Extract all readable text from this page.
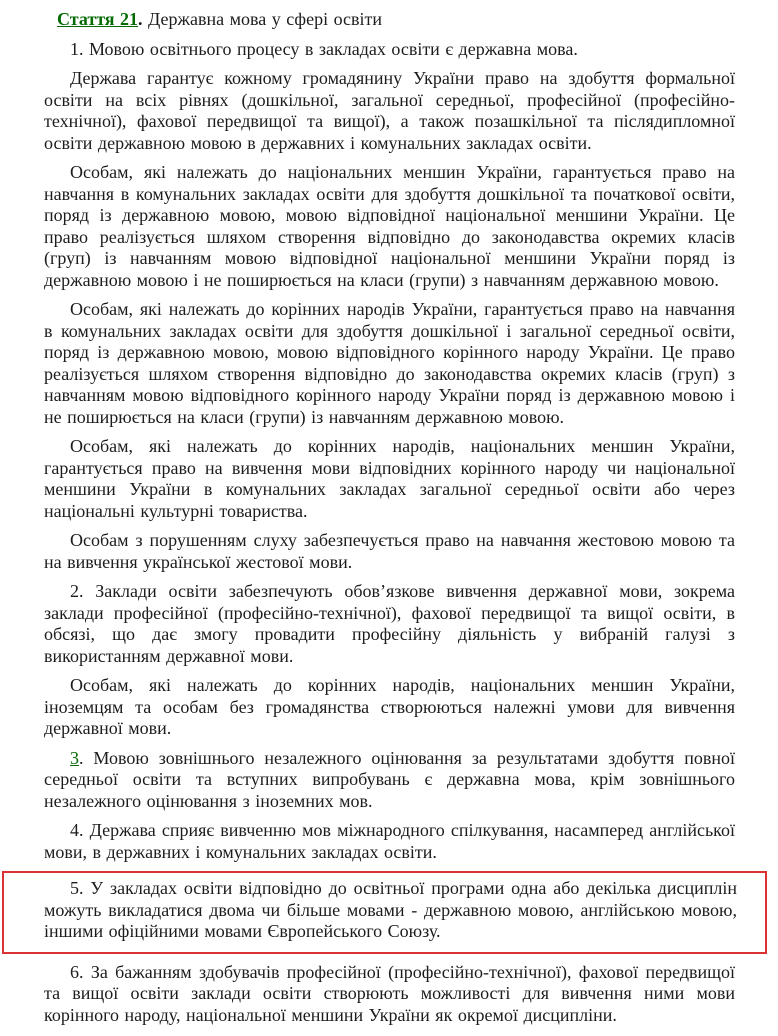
Стаття 21. Державна мова у сфері освіти

1. Мовою освітнього процесу в закладах освіти є державна мова.

Держава гарантує кожному громадянину України право на здобуття формальної освіти на всіх рівнях (дошкільної, загальної середньої, професійної (професійно-технічної), фахової передвищої та вищої), а також позашкільної та післядипломної освіти державною мовою в державних і комунальних закладах освіти.

Особам, які належать до національних меншин України, гарантується право на навчання в комунальних закладах освіти для здобуття дошкільної та початкової освіти, поряд із державною мовою, мовою відповідної національної меншини України. Це право реалізується шляхом створення відповідно до законодавства окремих класів (груп) із навчанням мовою відповідної національної меншини України поряд із державною мовою і не поширюється на класи (групи) з навчанням державною мовою.

Особам, які належать до корінних народів України, гарантується право на навчання в комунальних закладах освіти для здобуття дошкільної і загальної середньої освіти, поряд із державною мовою, мовою відповідного корінного народу України. Це право реалізується шляхом створення відповідно до законодавства окремих класів (груп) з навчанням мовою відповідного корінного народу України поряд із державною мовою і не поширюється на класи (групи) із навчанням державною мовою.

Особам, які належать до корінних народів, національних меншин України, гарантується право на вивчення мови відповідних корінного народу чи національної меншини України в комунальних закладах загальної середньої освіти або через національні культурні товариства.

Особам з порушенням слуху забезпечується право на навчання жестовою мовою та на вивчення української жестової мови.

2. Заклади освіти забезпечують обов’язкове вивчення державної мови, зокрема заклади професійної (професійно-технічної), фахової передвищої та вищої освіти, в обсязі, що дає змогу провадити професійну діяльність у вибраній галузі з використанням державної мови.

Особам, які належать до корінних народів, національних меншин України, іноземцям та особам без громадянства створюються належні умови для вивчення державної мови.

3. Мовою зовнішнього незалежного оцінювання за результатами здобуття повної середньої освіти та вступних випробувань є державна мова, крім зовнішнього незалежного оцінювання з іноземних мов.

4. Держава сприяє вивченню мов міжнародного спілкування, насамперед англійської мови, в державних і комунальних закладах освіти.

5. У закладах освіти відповідно до освітньої програми одна або декілька дисциплін можуть викладатися двома чи більше мовами - державною мовою, англійською мовою, іншими офіційними мовами Європейського Союзу.

6. За бажанням здобувачів професійної (професійно-технічної), фахової передвищої та вищої освіти заклади освіти створюють можливості для вивчення ними мови корінного народу, національної меншини України як окремої дисципліни.
